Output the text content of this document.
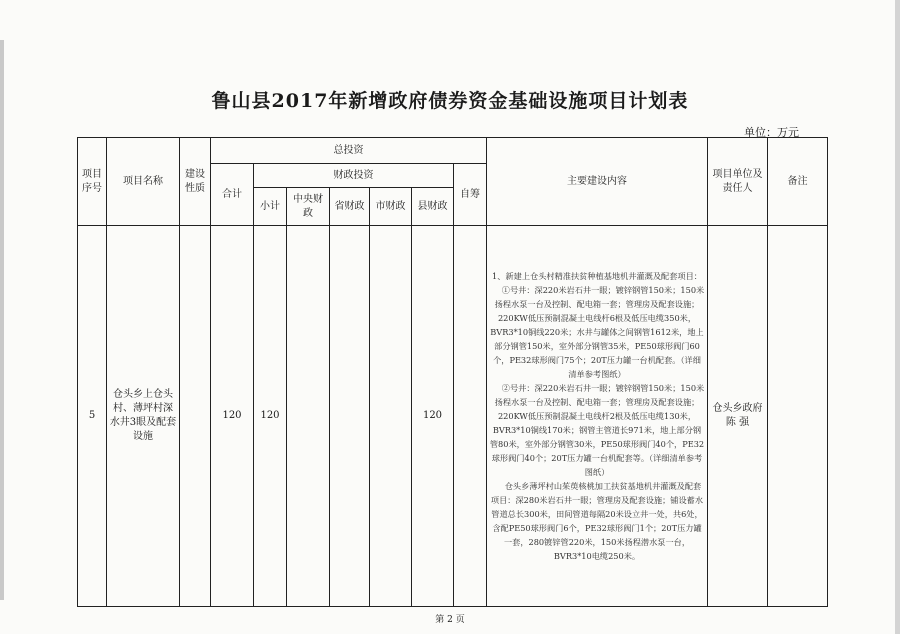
鲁山县2017年新增政府债券资金基础设施项目计划表
单位：万元
项目序号	项目名称	建设性质	总投资							主要建设内容	项目单位及责任人	备注
			合计	财政投资					自筹			
				小计	中央财政	省财政	市财政	县财政				
5	仓头乡上仓头村、薄坪村深水井3眼及配套设施		120	120				120		1、新建上仓头村精准扶贫种植基地机井灌溉及配套项目：

①号井：深220米岩石井一眼；镀锌钢管150米；150米扬程水泵一台及控制、配电箱一套；管理房及配套设施；220KW低压预制混凝土电线杆6根及低压电缆350米，BVR3*10铜线220米；水井与罐体之间钢管1612米，地上部分钢管150米，室外部分钢管35米，PE50球形阀门60个，PE32球形阀门75个；20T压力罐一台机配套。（详细清单参考图纸）

②号井：深220米岩石井一眼；镀锌钢管150米；150米扬程水泵一台及控制、配电箱一套；管理房及配套设施；220KW低压预制混凝土电线杆2根及低压电缆130米，BVR3*10铜线170米；钢管主管道长971米，地上部分钢管80米，室外部分钢管30米，PE50球形阀门40个，PE32球形阀门40个；20T压力罐一台机配套等。（详细清单参考图纸）

仓头乡薄坪村山茱萸核桃加工扶贫基地机井灌溉及配套项目：深280米岩石井一眼；管理房及配套设施；铺设蓄水管道总长300米，田间管道每隔20米设立井一处，共6处，含配PE50球形阀门6个，PE32球形阀门1个；20T压力罐一套，280镀锌管220米，150米扬程潜水泵一台，BVR3*10电缆250米。	仓头乡政府 陈 强	
第 2 页
